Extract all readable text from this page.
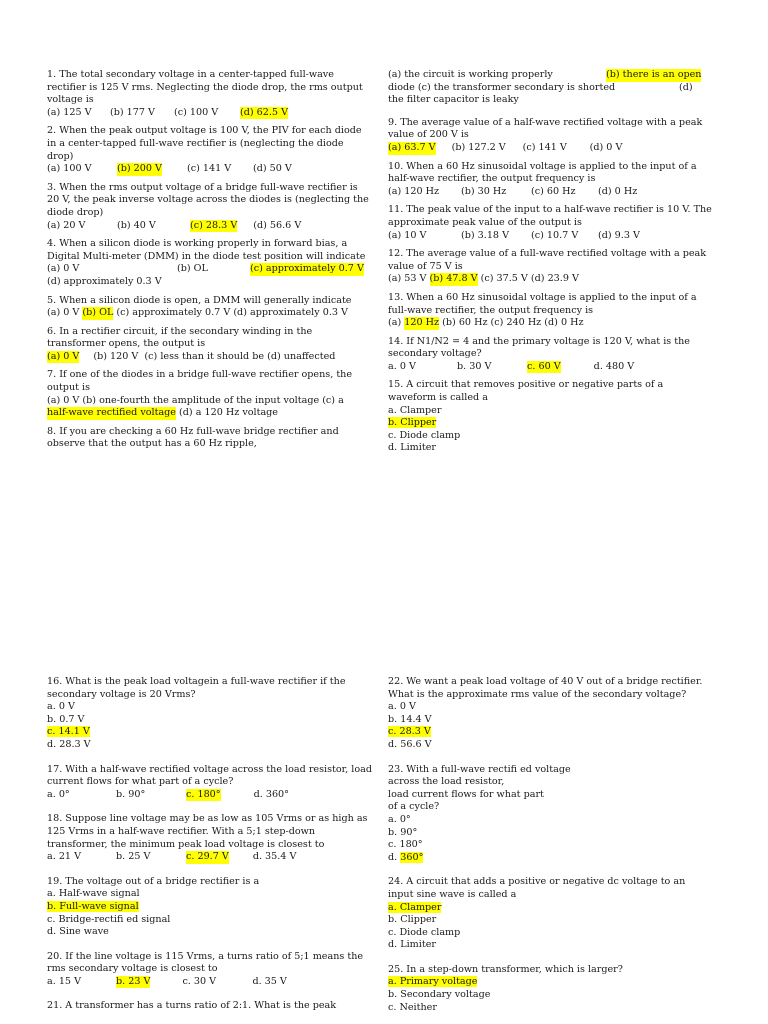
1. The total secondary voltage in a center-tapped full-wave rectifier is 125 V rms. Neglecting the diode drop, the rms output voltage is

(a) 125 V (b) 177 V (c) 100 V (d) 62.5 V

2. When the peak output voltage is 100 V, the PIV for each diode in a center-tapped full-wave rectifier is (neglecting the diode drop)

(a) 100 V	(b) 200 V	(c) 141 V (d) 50 V

3. When the rms output voltage of a bridge full-wave rectifier is 20 V, the peak inverse voltage across the diodes is (neglecting the diode drop)

(a) 20 V	(b) 40 V	(c) 28.3 V (d) 56.6 V

4. When a silicon diode is working properly in forward bias, a Digital Multi-meter (DMM) in the diode test position will indicate

(a) 0 V	(b) OL	(c) approximately 0.7 V
(d) approximately 0.3 V

5. When a silicon diode is open, a DMM will generally indicate

(a) 0 V (b) OL (c) approximately 0.7 V (d) approximately 0.3 V

6. In a rectifier circuit, if the secondary winding in the transformer opens, the output is

(a) 0 V (b) 120 V  (c) less than it should be (d) unaffected

7. If one of the diodes in a bridge full-wave rectifier opens, the output is

(a) 0 V (b) one-fourth the amplitude of the input voltage (c) a
half-wave rectified voltage (d) a 120 Hz voltage

8. If you are checking a 60 Hz full-wave bridge rectifier and observe that the output has a 60 Hz ripple,

(a) the circuit is working properly	(b) there is an open
diode (c) the transformer secondary is shorted	(d)
the filter capacitor is leaky

9. The average value of a half-wave rectified voltage with a peak value of 200 V is

(a) 63.7 V (b) 127.2 V (c) 141 V (d) 0 V

10. When a 60 Hz sinusoidal voltage is applied to the input of a half-wave rectifier, the output frequency is

(a) 120 Hz (b) 30 Hz	(c) 60 Hz (d) 0 Hz

11. The peak value of the input to a half-wave rectifier is 10 V. The approximate peak value of the output is

(a) 10 V	(b) 3.18 V (c) 10.7 V (d) 9.3 V

12. The average value of a full-wave rectified voltage with a peak value of 75 V is

(a) 53 V (b) 47.8 V (c) 37.5 V (d) 23.9 V

13. When a 60 Hz sinusoidal voltage is applied to the input of a full-wave rectifier, the output frequency is

(a) 120 Hz (b) 60 Hz (c) 240 Hz (d) 0 Hz

14. If N1/N2 = 4 and the primary voltage is 120 V, what is the secondary voltage?

a. 0 V	b. 30 V	c. 60 V	d. 480 V

15. A circuit that removes positive or negative parts of a waveform is called a

a. Clamper
b. Clipper
c. Diode clamp
d. Limiter

16. What is the peak load voltagein a full-wave rectifier if the secondary voltage is 20 Vrms?

a. 0 V
b. 0.7 V
c. 14.1 V
d. 28.3 V

17. With a half-wave rectified voltage across the load resistor, load current flows for what part of a cycle?

a. 0°	b. 90°	c. 180°	d. 360°

18. Suppose line voltage may be as low as 105 Vrms or as high as 125 Vrms in a half-wave rectifier. With a 5;1 step-down transformer, the minimum peak load voltage is closest to

a. 21 V	b. 25 V	c. 29.7 V	d. 35.4 V

19. The voltage out of a bridge rectifier is a

a. Half-wave signal
b. Full-wave signal
c. Bridge-rectifi ed signal
d. Sine wave

20. If the line voltage is 115 Vrms, a turns ratio of 5;1 means the rms secondary voltage is closest to

a. 15 V	b. 23 V	c. 30 V	d. 35 V

21. A transformer has a turns ratio of 2:1. What is the peak

22. We want a peak load voltage of 40 V out of a bridge rectifier. What is the approximate rms value of the secondary voltage?

a. 0 V
b. 14.4 V
c. 28.3 V
d. 56.6 V
23. With a full-wave rectifi ed voltage
across the load resistor,
load current flows for what part
of a cycle?
a. 0°
b. 90°
c. 180°
d. 360°

24. A circuit that adds a positive or negative dc voltage to an input sine wave is called a

a. Clamper
b. Clipper
c. Diode clamp
d. Limiter

25. In a step-down transformer, which is larger?

a. Primary voltage
b. Secondary voltage
c. Neither
